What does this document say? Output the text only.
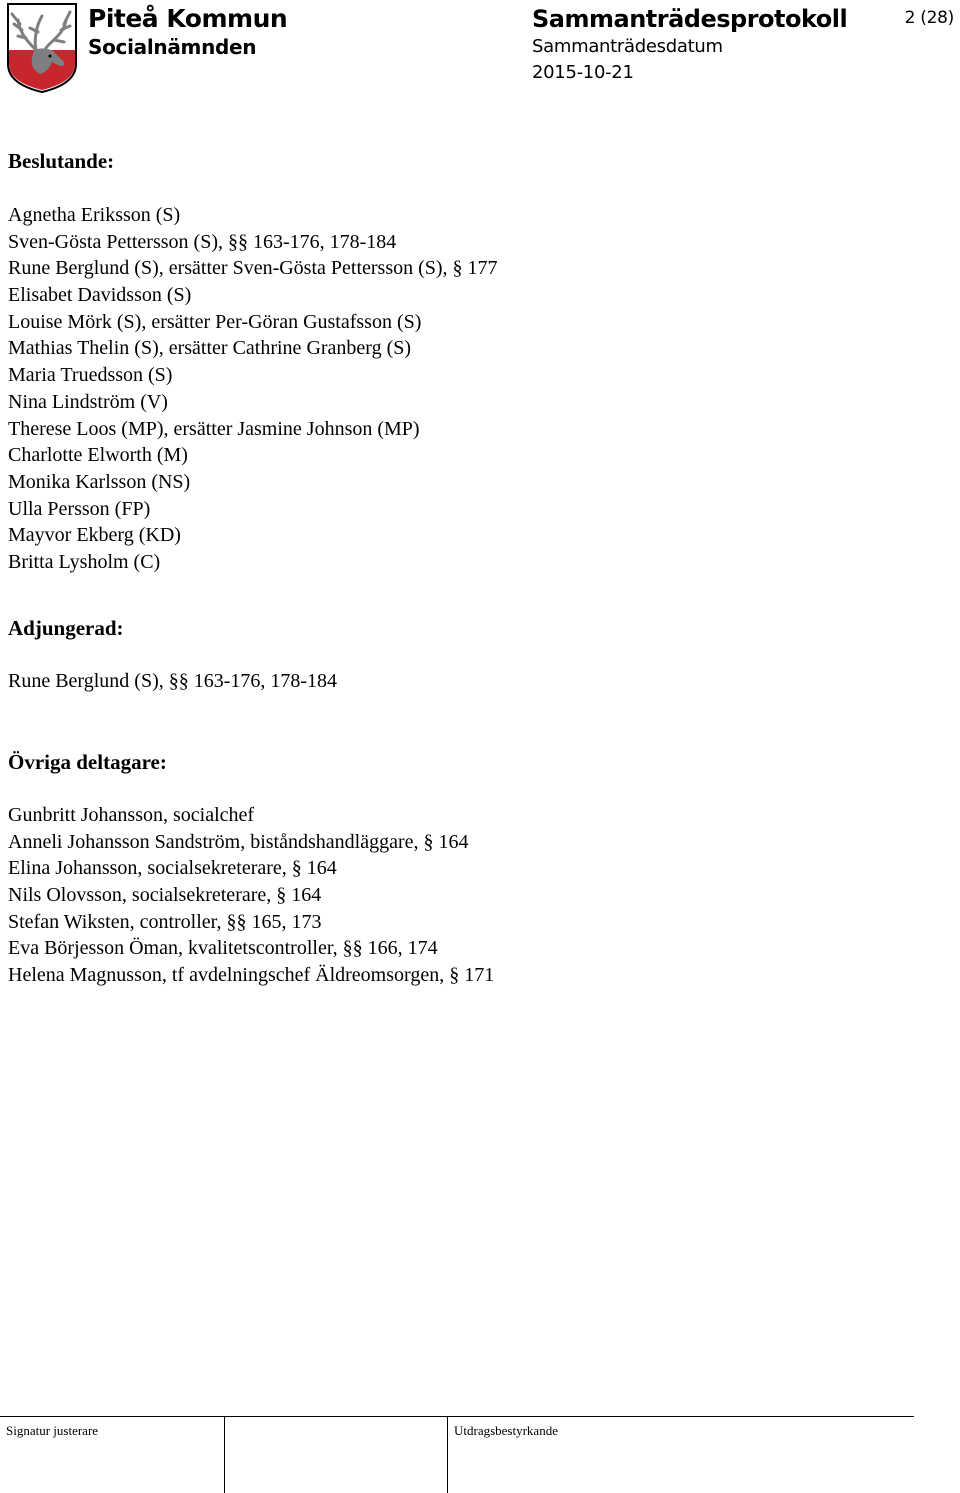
Piteå Kommun
Socialnämnden
Sammanträdesprotokoll
Sammanträdesdatum
2015-10-21
2 (28)
Beslutande:
Agnetha Eriksson (S)
Sven-Gösta Pettersson (S), §§ 163-176, 178-184
Rune Berglund (S), ersätter Sven-Gösta Pettersson (S), § 177
Elisabet Davidsson (S)
Louise Mörk (S), ersätter Per-Göran Gustafsson (S)
Mathias Thelin (S), ersätter Cathrine Granberg (S)
Maria Truedsson (S)
Nina Lindström (V)
Therese Loos (MP), ersätter Jasmine Johnson (MP)
Charlotte Elworth (M)
Monika Karlsson (NS)
Ulla Persson (FP)
Mayvor Ekberg (KD)
Britta Lysholm (C)
Adjungerad:
Rune Berglund (S), §§ 163-176, 178-184
Övriga deltagare:
Gunbritt Johansson, socialchef
Anneli Johansson Sandström, biståndshandläggare, § 164
Elina Johansson, socialsekreterare, § 164
Nils Olovsson, socialsekreterare, § 164
Stefan Wiksten, controller, §§ 165, 173
Eva Börjesson Öman, kvalitetscontroller, §§ 166, 174
Helena Magnusson, tf avdelningschef Äldreomsorgen, § 171
Signatur justerare	Utdragsbestyrkande
